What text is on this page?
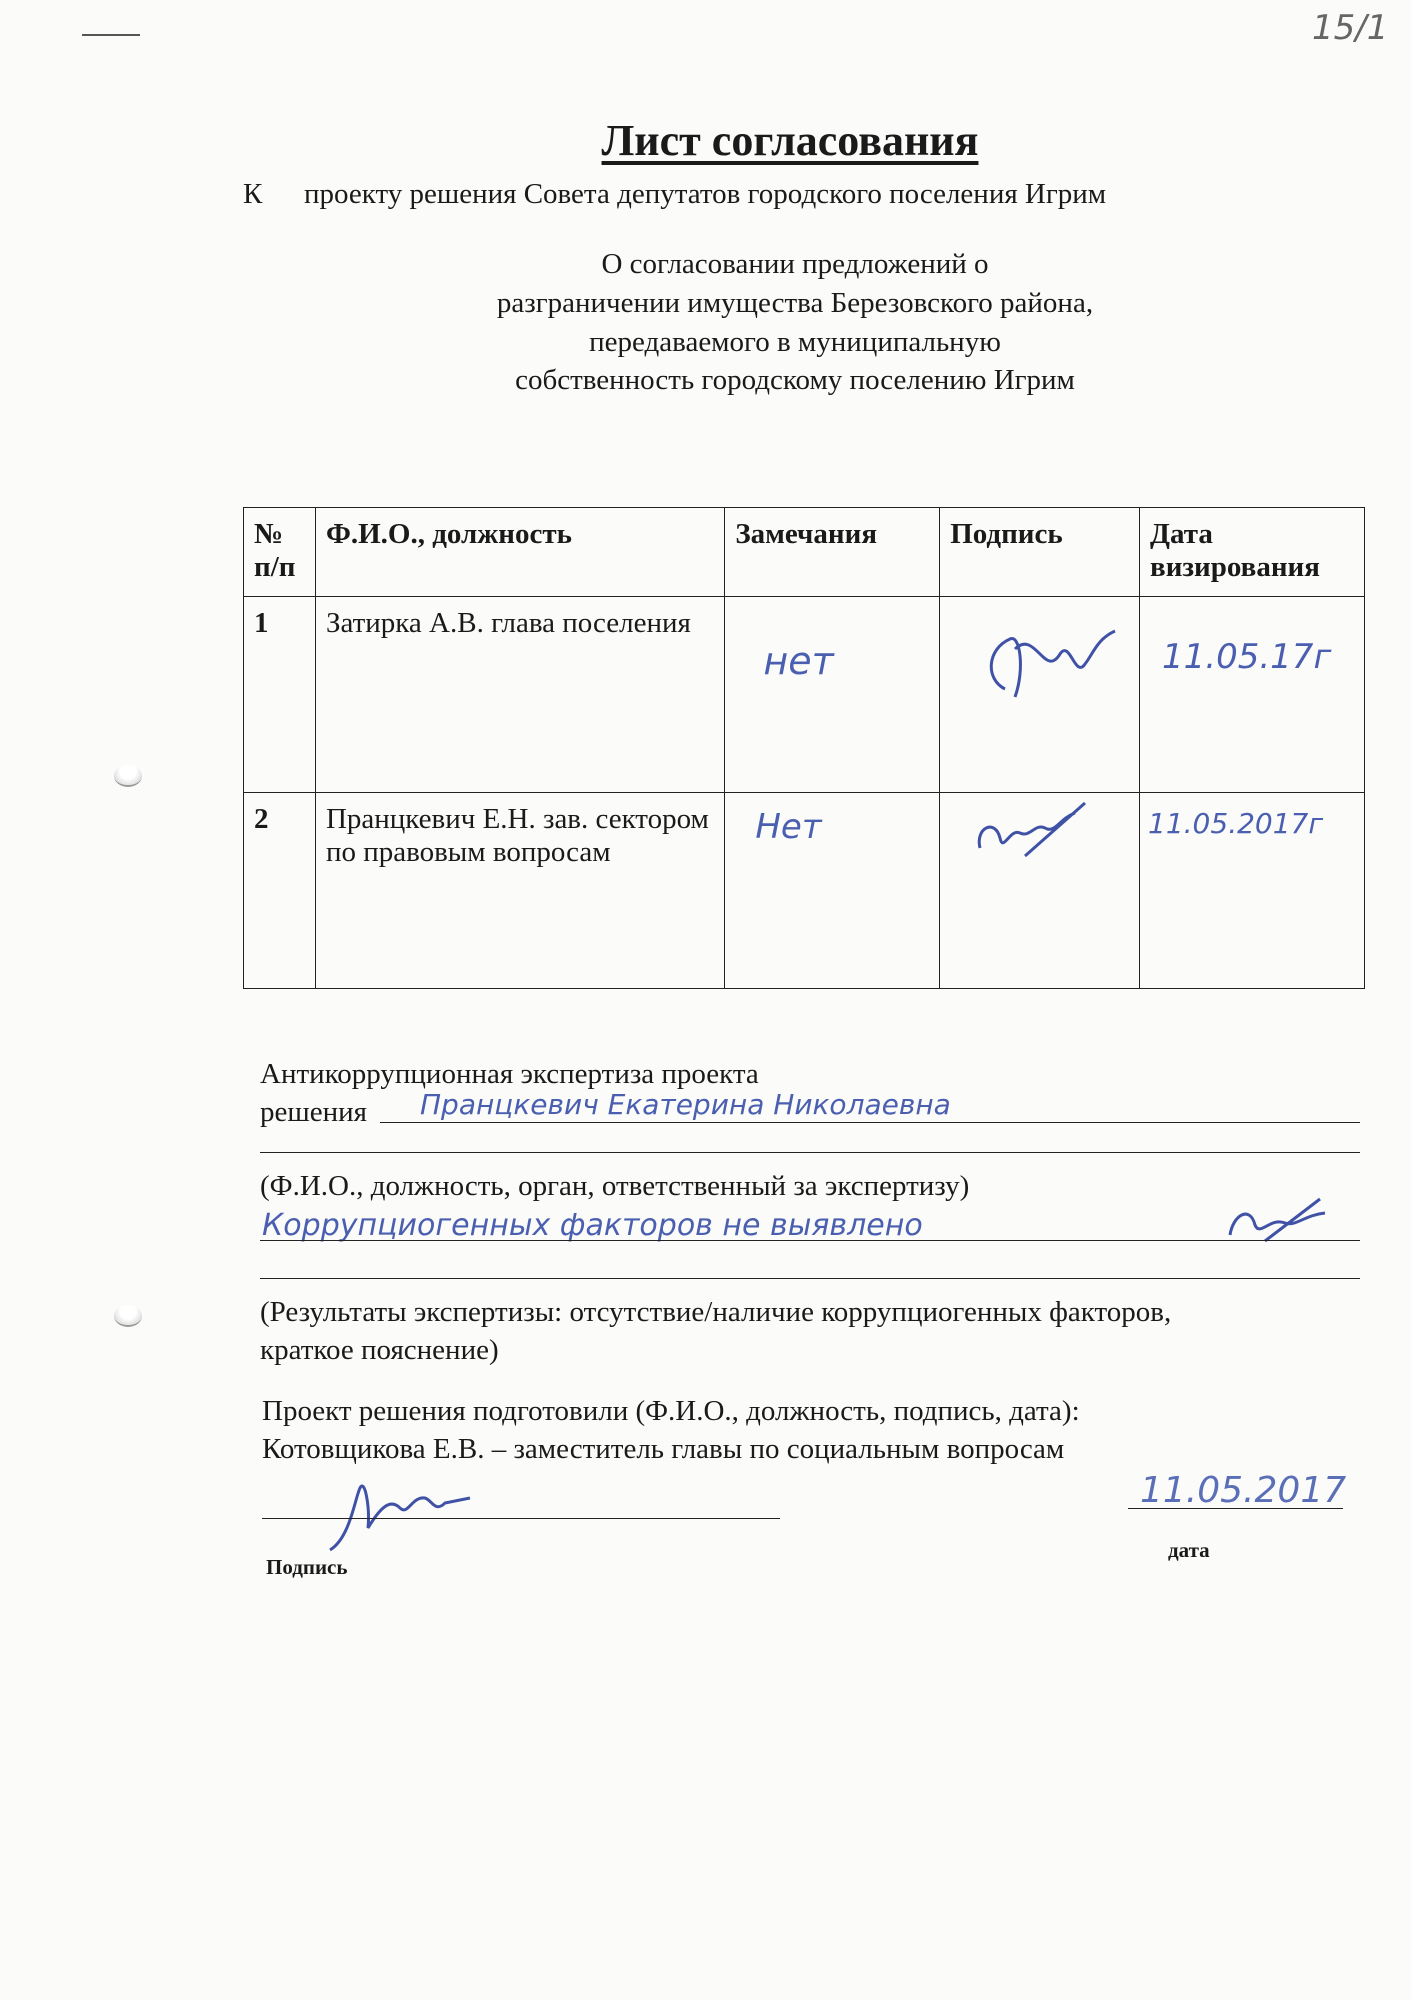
15/1
Лист согласования
К проекту решения Совета депутатов городского поселения Игрим
О согласовании предложений о
разграничении имущества Березовского района,
передаваемого в муниципальную
собственность городскому поселению Игрим
№ п/п	Ф.И.О., должность	Замечания	Подпись	Дата визирования
1	Затирка А.В. глава поселения	нет		11.05.17г

2	Пранцкевич Е.Н. зав. сектором по правовым вопросам	Нет		11.05.2017г
Антикоррупционная экспертиза проекта
решения Пранцкевич Екатерина Николаевна
(Ф.И.О., должность, орган, ответственный за экспертизу)
Коррупциогенных факторов не выявлено
(Результаты экспертизы: отсутствие/наличие коррупциогенных факторов,
краткое пояснение)
Проект решения подготовили (Ф.И.О., должность, подпись, дата):
Котовщикова Е.В. – заместитель главы по социальным вопросам
Подпись
11.05.2017
дата
